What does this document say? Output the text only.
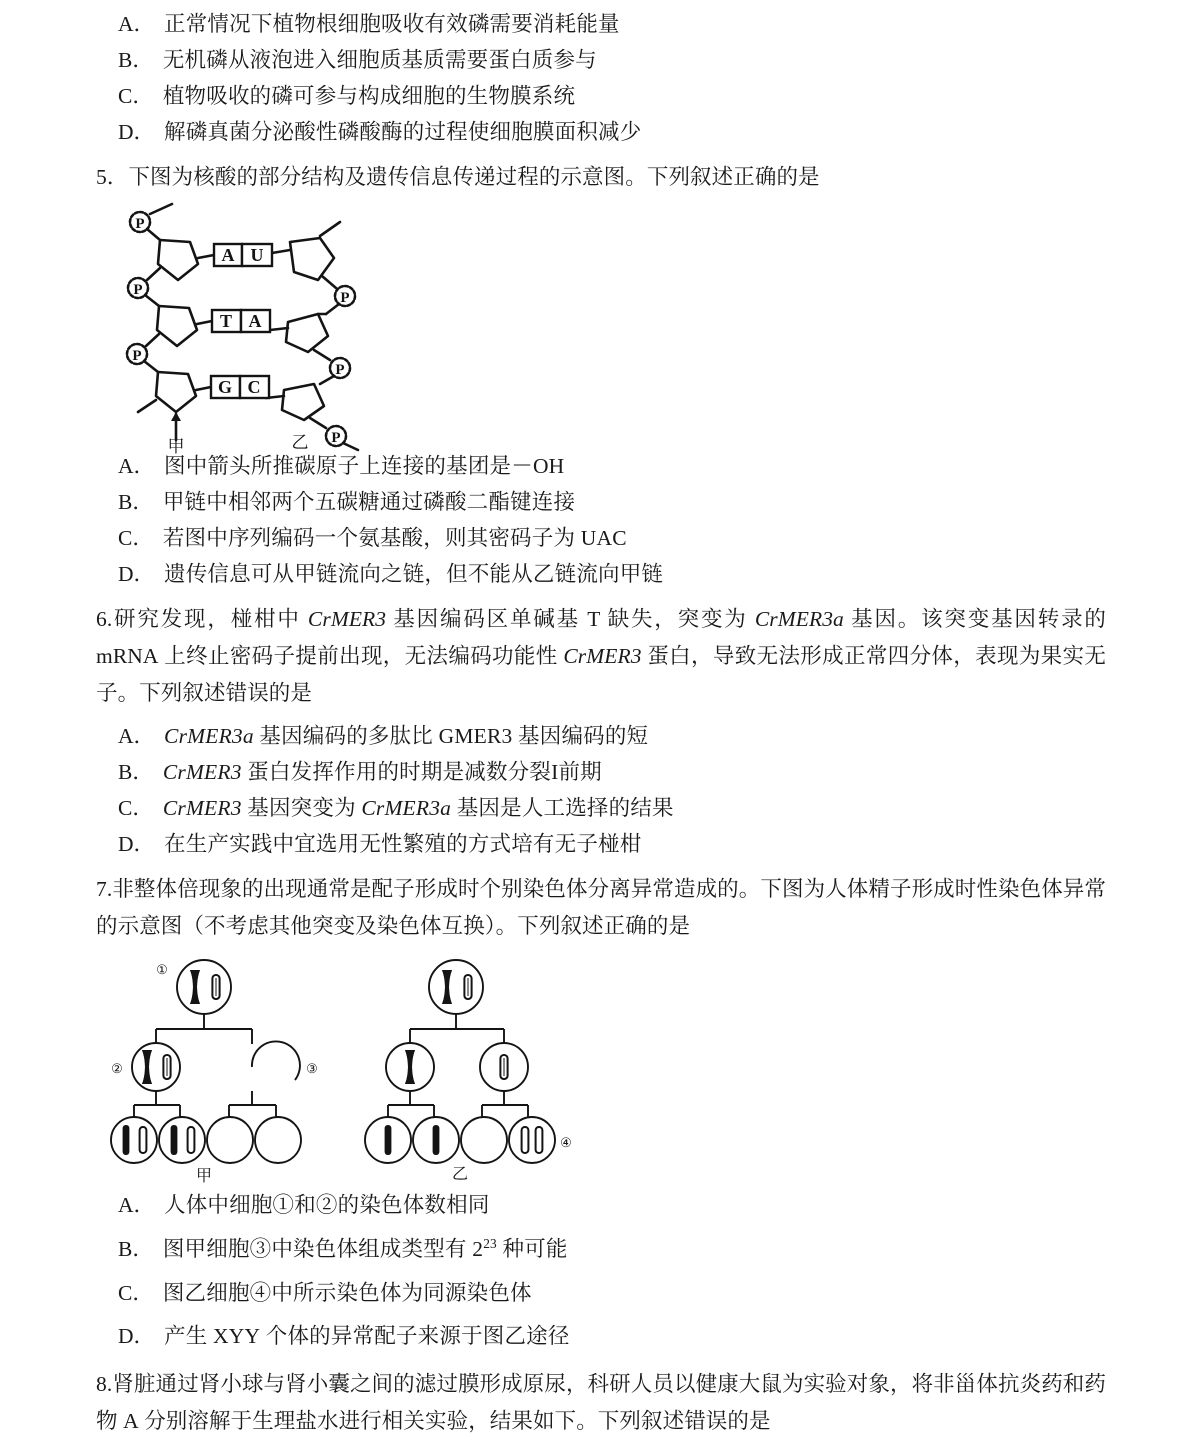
A． 正常情况下植物根细胞吸收有效磷需要消耗能量

B． 无机磷从液泡进入细胞质基质需要蛋白质参与

C． 植物吸收的磷可参与构成细胞的生物膜系统

D． 解磷真菌分泌酸性磷酸酶的过程使细胞膜面积减少

5．下图为核酸的部分结构及遗传信息传递过程的示意图。下列叙述正确的是

A U
T A
G C
P
P
P
P
P
P
甲	乙

A． 图中箭头所推碳原子上连接的基团是－OH

B． 甲链中相邻两个五碳糖通过磷酸二酯键连接

C． 若图中序列编码一个氨基酸，则其密码子为 UAC

D． 遗传信息可从甲链流向之链，但不能从乙链流向甲链

6.研究发现，椪柑中 CrMER3 基因编码区单碱基 T 缺失，突变为 CrMER3a 基因。该突变基因转录的 mRNA 上终止密码子提前出现，无法编码功能性 CrMER3 蛋白，导致无法形成正常四分体，表现为果实无子。下列叙述错误的是

A． CrMER3a 基因编码的多肽比 GMER3 基因编码的短

B． CrMER3 蛋白发挥作用的时期是减数分裂I前期

C． CrMER3 基因突变为 CrMER3a 基因是人工选择的结果

D． 在生产实践中宜选用无性繁殖的方式培有无子椪柑

7.非整体倍现象的出现通常是配子形成时个别染色体分离异常造成的。下图为人体精子形成时性染色体异常的示意图（不考虑其他突变及染色体互换）。下列叙述正确的是

①
②	③
④
甲	乙

A． 人体中细胞①和②的染色体数相同

B． 图甲细胞③中染色体组成类型有 $2^{23}$ 种可能

C． 图乙细胞④中所示染色体为同源染色体

D． 产生 XYY 个体的异常配子来源于图乙途径

8.肾脏通过肾小球与肾小囊之间的滤过膜形成原尿，科研人员以健康大鼠为实验对象，将非甾体抗炎药和药物 A 分别溶解于生理盐水进行相关实验，结果如下。下列叙述错误的是
